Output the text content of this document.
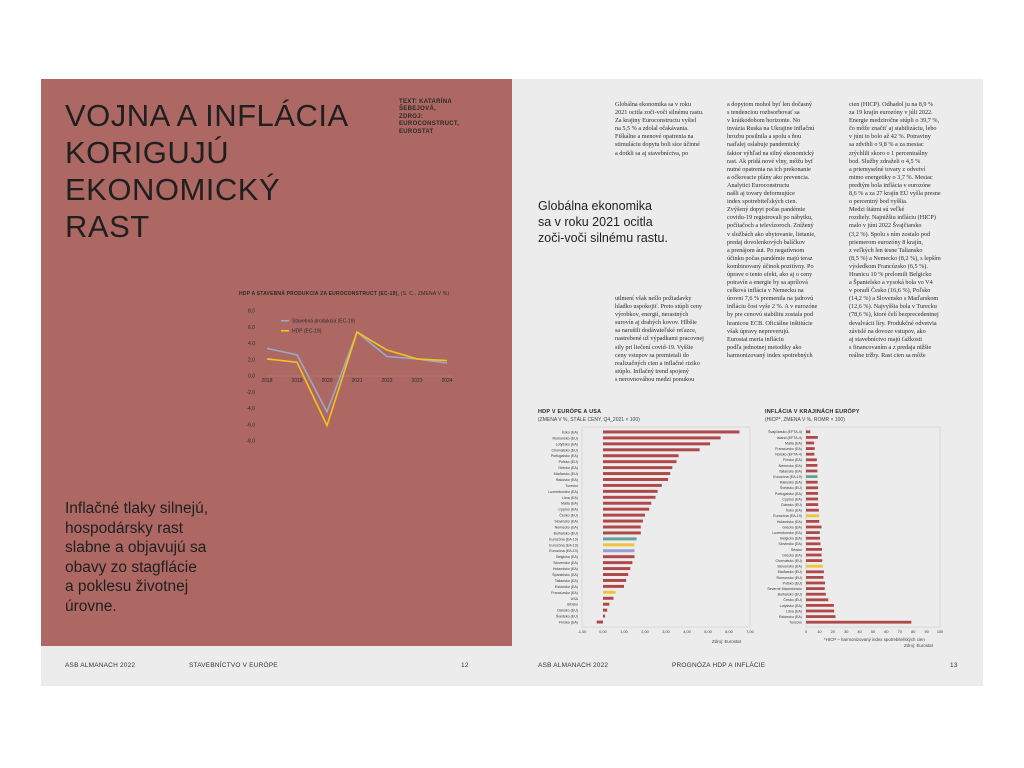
VOJNA A INFLÁCIA
KORIGUJÚ
EKONOMICKÝ
RAST
TEXT: KATARÍNA
ŠEBEJOVÁ,
ZDROJ:
EUROCONSTRUCT,
EUROSTAT
HDP A STAVEBNÁ PRODUKCIA ZA EUROCONSTRUCT (EC-19), (S. C., ZMENA V %)
8,0
6,0
4,0
2,0
0,0
-2,0
-4,0
-6,0
-8,0
2018	2019	2020	2021	2022	2023	2024
Stavebná produkcia (EC-19)
HDP (EC-19)
Inflačné tlaky silnejú,
hospodársky rast
slabne a objavujú sa
obavy zo stagflácie
a poklesu životnej
úrovne.
ASB ALMANACH 2022	STAVEBNÍCTVO V EURÓPE	12
Globálna ekonomika
sa v roku 2021 ocitla
zoči-voči silnému rastu.
Globálna ekonomika sa v roku
2021 ocitla zoči-voči silnému rastu.
Za krajiny Euroconstructu vyšiel
na 5,5 % a zdolal očakávania.
Fiškálne a menové opatrenia na
stimuláciu dopytu boli síce účinné
a dotkli sa aj stavebníctva, po
utlmení však nešlo požiadavky
hladko uspokojiť. Preto stúpli ceny
výrobkov, energií, nerastných
surovín aj drahých kovov. Hlbšie
sa narušili dodávateľské reťazce,
nastrebené už výpadkami pracovnej
sily pri liečení covid-19. Vyššie
ceny vstupov sa premietali do
realizačných cien a inflačné riziko
stúplo. Inflačný trend spojený
s nerovnováhou medzi ponukou
a dopytom mohol byť len dočasný
s tendenciou rozbsorbovať sa
v krátkodobom horizonte. No
invázia Ruska na Ukrajine inflačnú
hrozbu posilnila a spolu s ňou
naďalej oslabuje pandemický
faktor výhľad na silný ekonomický
rast. Ak pridá nové vlny, môžu byť
nutné opatrenia na ich prekonanie
a očkovacie plány ako prevencia.
Analytici Euroconstructu
našli aj tovary deformujúce
index spotrebiteľských cien.
Zvýšený dopyt počas pandémie
covidu-19 registrovali po nábytku,
počítačoch a televízoroch. Znížený
v službách ako ubytovanie, lietanie,
predaj dovolenkových balíčkov
a prenájom áut. Po negatívnom
účinku počas pandémie majú teraz
kombinovaný účinok pozitívny. Po
úprave o tento efekt, ako aj o ceny
potravín a energie by sa aprílová
celková inflácia v Nemecku na
úrovni 7,6 % premenila na jadrovú
infláciu čosi vyše 2 %. A v eurozóne
by pre cenovú stabilitu zostala pod
hranicou ECB. Oficiálne inštitúcie
však úpravy nepreverujú.
Eurostat meria infláciu
podľa jednotnej metodiky ako
harmonizovaný index spotrebných
cien (HICP). Odhadol ju na 8,9 %
za 19 krajín eurozóny v júli 2022.
Energie medziročne stúpli o 39,7 %,
čo môže značiť aj stabilizáciu, lebo
v júni to bolo až 42 %. Potraviny
sa zdvihli o 9,8 % a za mesiac
zrýchlili skoro o 1 percentuálny
bod. Služby zdraželi o 4,5 %
a priemyselné tovary z odvetví
mimo energetiky o 3,7 %. Mesiac
predtým bola inflácia v eurozóne
8,6 % a za 27 krajín EÚ vyšla presne
o percentný bod vyššia.
Medzi štátmi sú veľké
rozdiely. Najnižšiu infláciu (HICP)
malo v júni 2022 Švajčiarsko
(3,2 %). Spolu s ním zostalo pod
priemerom eurozóny 8 krajín,
z veľkých len tesne Taliansko
(8,5 %) a Nemecko (8,2 %), s lepším
výsledkom Francúzsko (6,5 %).
Hranicu 10 % prelomili Belgicko
a Španielsko a vysoká bola vo V4
v poradí Česko (16,6 %), Poľsko
(14,2 %) a Slovensko s Maďarskom
(12,6 %). Najvyššia bola v Turecku
(78,6 %), ktoré čelí bezprecedentnej
devalvácii líry. Produkčné odvetvia
závislé na dovoze vstupov, ako
aj stavebníctvo majú ťažkosti
s financovaním a z predaja nižšie
reálne tržby. Rast cien sa môže
HDP V EURÓPE A USA
(ZMENA V %, STÁLE CENY, Q4_2021 × 100)
Írsko (EA)
Rumunsko (EU)
Lotyšsko (EA)
Chorvátsko (EU)
Portugalsko (EA)
Poľsko (EU)
Grécko (EA)
Maďarsko (EU)
Rakúsko (EA)
Turecko
Luxembursko (EA)
Litva (EA)
Malta (EA)
Cyprus (EA)
Česko (EU)
Slovinsko (EA)
Nemecko (EA)
Bulharsko (EU)
Eurozóna (EA-19)
Eurozóna (EA-19)
Eurozóna (EA-19)
Belgicko (EA)
Slovensko (EA)
Holandsko (EA)
Španielsko (EA)
Taliansko (EA)
Estónsko (EA)
Francúzsko (EA)
USA
Srbsko
Dánsko (EU)
Švédsko (EU)
Fínsko (EA)
-1,00	0,00	1,00	2,00	3,00	4,00	5,00	6,00	7,00
Zdroj: Eurostat
INFLÁCIA V KRAJINÁCH EURÓPY
(HICP*, ZMENA V %, ROMR × 100)
Švajčiarsko (EFTA-4)
Island (EFTA-4)
Malta (EA)
Francúzsko (EA)
Nórsko (EFTA-4)
Fínsko (EA)
Nemecko (EA)
Taliansko (EA)
Eurozóna (EA-19)
Rakúsko (EA)
Švédsko (EU)
Portugalsko (EA)
Cyprus (EA)
Dánsko (EU)
Írsko (EA)
Eurozóna (EA-19)
Holandsko (EA)
Grécko (EA)
Luxembursko (EA)
Belgicko (EA)
Slovinsko (EA)
Srbsko
Grécko (EA)
Chorvátsko (EU)
Slovensko (EA)
Maďarsko (EU)
Rumunsko (EU)
Poľsko (EU)
Severné Macedónsko
Bulharsko (EU)
Česko (EU)
Lotyšsko (EA)
Litva (EA)
Estónsko (EA)
Turecko
0	10 20 30 40 50 60 70 80 90 100
*HICP – harmonizovaný index spotrebiteľských cien
Zdroj: Eurostat
ASB ALMANACH 2022	PROGNÓZA HDP A INFLÁCIE	13
